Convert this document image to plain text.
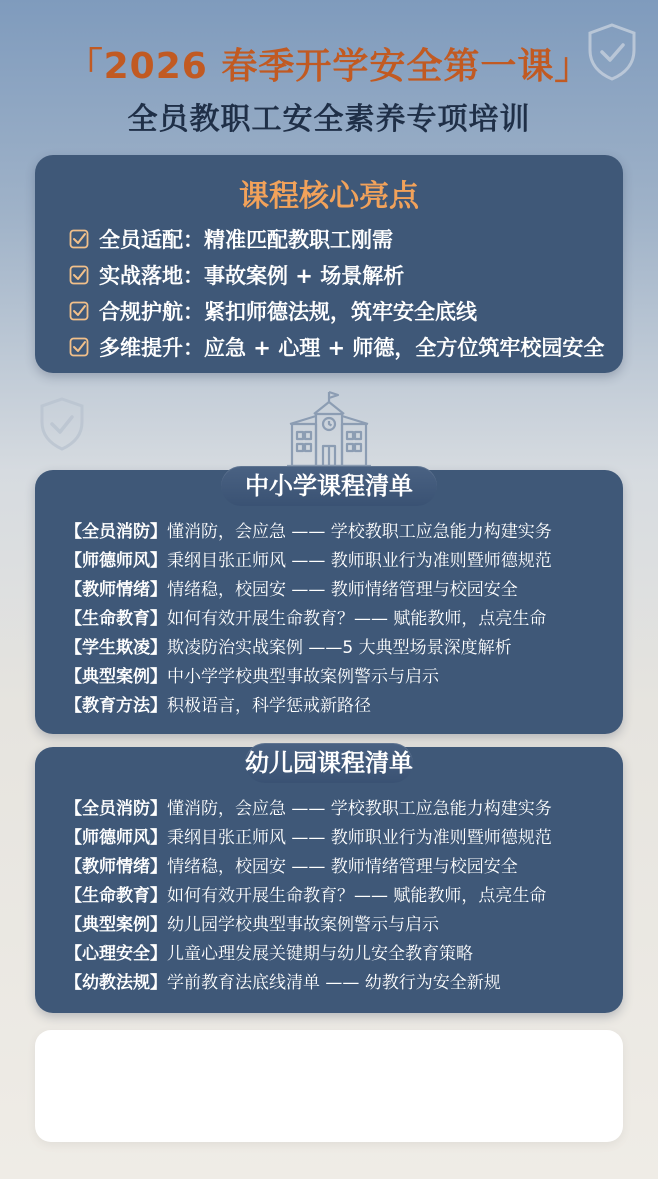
「2026 春季开学安全第一课」
全员教职工安全素养专项培训
课程核心亮点
全员适配： 精准匹配教职工刚需
实战落地： 事故案例 + 场景解析
合规护航： 紧扣师德法规，筑牢安全底线
多维提升： 应急 + 心理 + 师德，全方位筑牢校园安全
中小学课程清单
【全员消防】懂消防，会应急 —— 学校教职工应急能力构建实务
【师德师风】秉纲目张正师风 —— 教师职业行为准则暨师德规范
【教师情绪】情绪稳，校园安 —— 教师情绪管理与校园安全
【生命教育】如何有效开展生命教育？—— 赋能教师，点亮生命
【学生欺凌】欺凌防治实战案例 ——5 大典型场景深度解析
【典型案例】中小学学校典型事故案例警示与启示
【教育方法】积极语言，科学惩戒新路径
幼儿园课程清单
【全员消防】懂消防，会应急 —— 学校教职工应急能力构建实务
【师德师风】秉纲目张正师风 —— 教师职业行为准则暨师德规范
【教师情绪】情绪稳，校园安 —— 教师情绪管理与校园安全
【生命教育】如何有效开展生命教育？—— 赋能教师，点亮生命
【典型案例】幼儿园学校典型事故案例警示与启示
【心理安全】儿童心理发展关键期与幼儿安全教育策略
【幼教法规】学前教育法底线清单 —— 幼教行为安全新规
